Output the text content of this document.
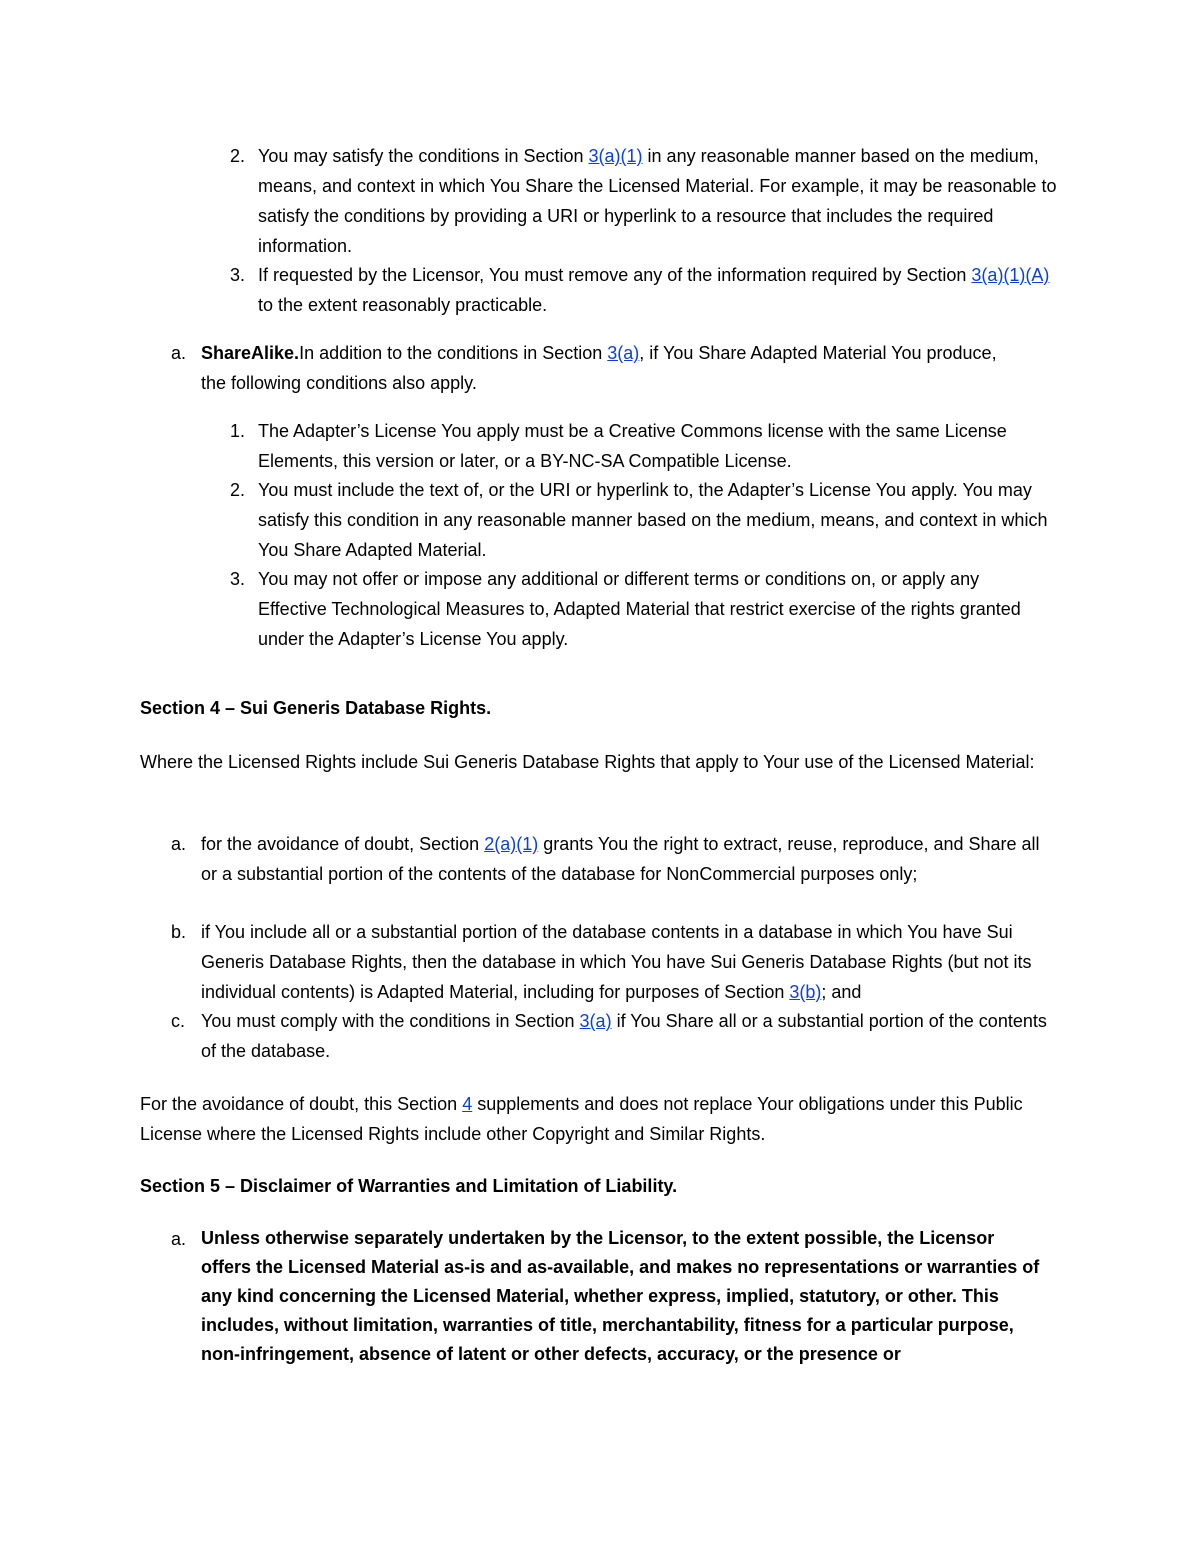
2. You may satisfy the conditions in Section 3(a)(1) in any reasonable manner based on the medium, means, and context in which You Share the Licensed Material. For example, it may be reasonable to satisfy the conditions by providing a URI or hyperlink to a resource that includes the required information.

3. If requested by the Licensor, You must remove any of the information required by Section 3(a)(1)(A) to the extent reasonably practicable.

a. ShareAlike.In addition to the conditions in Section 3(a), if You Share Adapted Material You produce, the following conditions also apply.

1. The Adapter’s License You apply must be a Creative Commons license with the same License Elements, this version or later, or a BY-NC-SA Compatible License.

2. You must include the text of, or the URI or hyperlink to, the Adapter’s License You apply. You may satisfy this condition in any reasonable manner based on the medium, means, and context in which You Share Adapted Material.

3. You may not offer or impose any additional or different terms or conditions on, or apply any Effective Technological Measures to, Adapted Material that restrict exercise of the rights granted under the Adapter’s License You apply.

Section 4 – Sui Generis Database Rights.
Where the Licensed Rights include Sui Generis Database Rights that apply to Your use of the Licensed Material:
a. for the avoidance of doubt, Section 2(a)(1) grants You the right to extract, reuse, reproduce, and Share all or a substantial portion of the contents of the database for NonCommercial purposes only;

b. if You include all or a substantial portion of the database contents in a database in which You have Sui Generis Database Rights, then the database in which You have Sui Generis Database Rights (but not its individual contents) is Adapted Material, including for purposes of Section 3(b); and

c. You must comply with the conditions in Section 3(a) if You Share all or a substantial portion of the contents of the database.

For the avoidance of doubt, this Section 4 supplements and does not replace Your obligations under this Public License where the Licensed Rights include other Copyright and Similar Rights.

Section 5 – Disclaimer of Warranties and Limitation of Liability.
a. Unless otherwise separately undertaken by the Licensor, to the extent possible, the Licensor offers the Licensed Material as-is and as-available, and makes no representations or warranties of any kind concerning the Licensed Material, whether express, implied, statutory, or other. This includes, without limitation, warranties of title, merchantability, fitness for a particular purpose, non-infringement, absence of latent or other defects, accuracy, or the presence or
